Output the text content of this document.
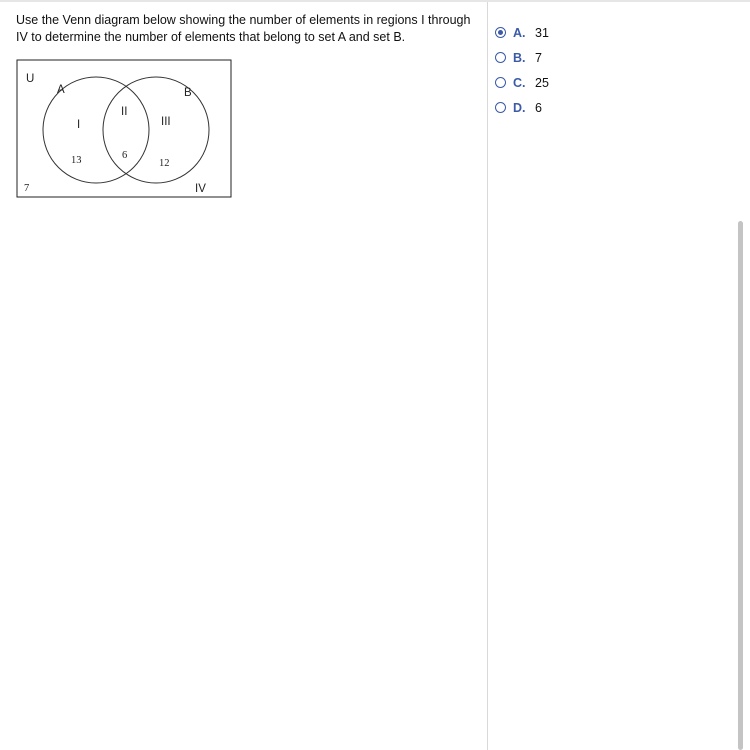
Use the Venn diagram below showing the number of elements in regions I through IV to determine the number of elements that belong to set A and set B.
U
A	B
I
II
III
IV
13	6
12
7
A. 31
B. 7
C. 25
D. 6
